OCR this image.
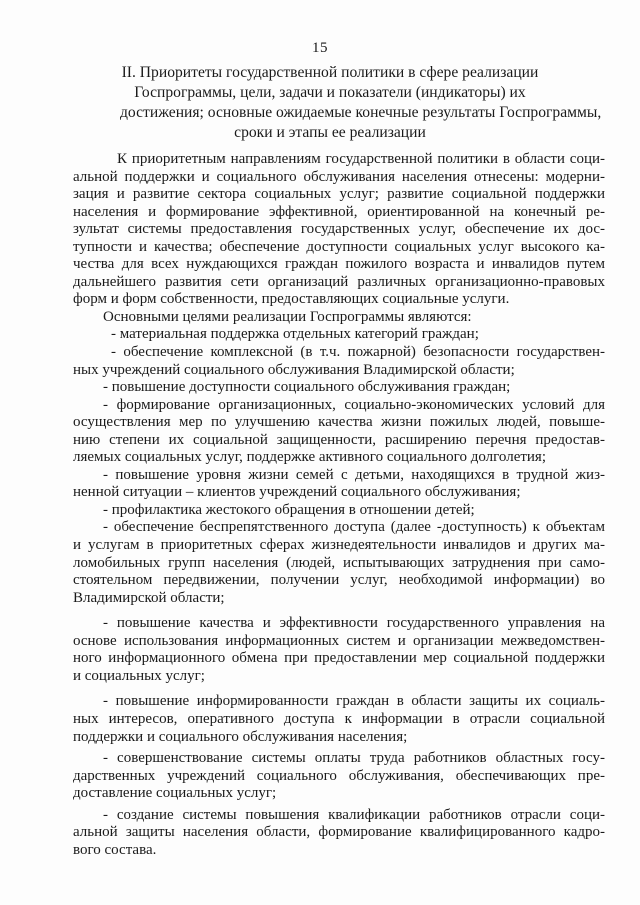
15
II. Приоритеты государственной политики в сфере реализации
Госпрограммы, цели, задачи и показатели (индикаторы) их
достижения; основные ожидаемые конечные результаты Госпрограммы,
сроки и этапы ее реализации
К приоритетным направлениям государственной политики в области соци-
альной поддержки и социального обслуживания населения отнесены: модерни-
зация и развитие сектора социальных услуг; развитие социальной поддержки
населения и формирование эффективной, ориентированной на конечный ре-
зультат системы предоставления государственных услуг, обеспечение их дос-
тупности и качества; обеспечение доступности социальных услуг высокого ка-
чества для всех нуждающихся граждан пожилого возраста и инвалидов путем
дальнейшего развития сети организаций различных организационно-правовых
форм и форм собственности, предоставляющих социальные услуги.
Основными целями реализации Госпрограммы являются:
- материальная поддержка отдельных категорий граждан;
- обеспечение комплексной (в т.ч. пожарной) безопасности государствен-
ных учреждений социального обслуживания Владимирской области;
- повышение доступности социального обслуживания граждан;
- формирование организационных, социально-экономических условий для
осуществления мер по улучшению качества жизни пожилых людей, повыше-
нию степени их социальной защищенности, расширению перечня предостав-
ляемых социальных услуг, поддержке активного социального долголетия;
- повышение уровня жизни семей с детьми, находящихся в трудной жиз-
ненной ситуации – клиентов учреждений социального обслуживания;
- профилактика жестокого обращения в отношении детей;
- обеспечение беспрепятственного доступа (далее -доступность) к объектам
и услугам в приоритетных сферах жизнедеятельности инвалидов и других ма-
ломобильных групп населения (людей, испытывающих затруднения при само-
стоятельном передвижении, получении услуг, необходимой информации) во
Владимирской области;
- повышение качества и эффективности государственного управления на
основе использования информационных систем и организации межведомствен-
ного информационного обмена при предоставлении мер социальной поддержки
и социальных услуг;
- повышение информированности граждан в области защиты их социаль-
ных интересов, оперативного доступа к информации в отрасли социальной
поддержки и социального обслуживания населения;
- совершенствование системы оплаты труда работников областных госу-
дарственных учреждений социального обслуживания, обеспечивающих пре-
доставление социальных услуг;
- создание системы повышения квалификации работников отрасли соци-
альной защиты населения области, формирование квалифицированного кадро-
вого состава.
